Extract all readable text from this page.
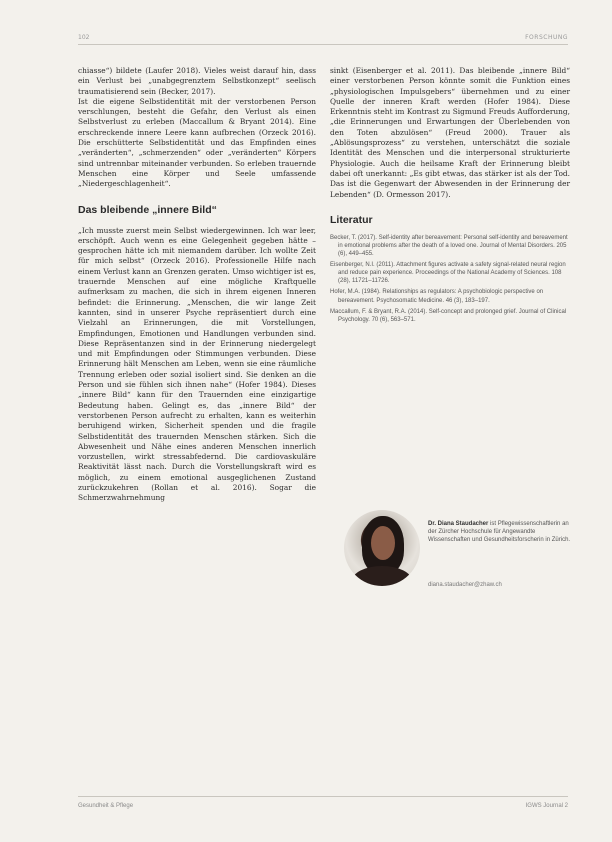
102	FORSCHUNG

chiasse“) bildete (Laufer 2018). Vieles weist darauf hin, dass ein Verlust bei „unabgegrenztem Selbstkonzept“ seelisch traumatisierend sein (Becker, 2017).

Ist die eigene Selbstidentität mit der verstorbenen Person verschlungen, besteht die Gefahr, den Verlust als einen Selbstverlust zu erleben (Maccallum & Bryant 2014). Eine erschreckende innere Leere kann aufbrechen (Orzeck 2016). Die erschütterte Selbstidentität und das Empfinden eines „veränderten“, „schmerzenden“ oder „veränderten“ Körpers sind untrennbar miteinander verbunden. So erleben trauernde Menschen eine Körper und Seele umfassende „Niedergeschlagenheit“.

Das bleibende „innere Bild“

„Ich musste zuerst mein Selbst wiedergewinnen. Ich war leer, erschöpft. Auch wenn es eine Gelegenheit gegeben hätte – gesprochen hätte ich mit niemandem darüber. Ich wollte Zeit für mich selbst“ (Orzeck 2016). Professionelle Hilfe nach einem Verlust kann an Grenzen geraten. Umso wichtiger ist es, trauernde Menschen auf eine mögliche Kraftquelle aufmerksam zu machen, die sich in ihrem eigenen Inneren befindet: die Erinnerung. „Menschen, die wir lange Zeit kannten, sind in unserer Psyche repräsentiert durch eine Vielzahl an Erinnerungen, die mit Vorstellungen, Empfindungen, Emotionen und Handlungen verbunden sind. Diese Repräsentanzen sind in der Erinnerung niedergelegt und mit Empfindungen oder Stimmungen verbunden. Diese Erinnerung hält Menschen am Leben, wenn sie eine räumliche Trennung erleben oder sozial isoliert sind. Sie denken an die Person und sie fühlen sich ihnen nahe“ (Hofer 1984). Dieses „innere Bild“ kann für den Trauernden eine einzigartige Bedeutung haben. Gelingt es, das „innere Bild“ der verstorbenen Person aufrecht zu erhalten, kann es weiterhin beruhigend wirken, Sicherheit spenden und die fragile Selbstidentität des trauernden Menschen stärken. Sich die Abwesenheit und Nähe eines anderen Menschen innerlich vorzustellen, wirkt stressabfedernd. Die cardiovaskuläre Reaktivität lässt nach. Durch die Vorstellungskraft wird es möglich, zu einem emotional ausgeglichenen Zustand zurückzukehren (Rollan et al. 2016). Sogar die Schmerzwahrnehmung

sinkt (Eisenberger et al. 2011). Das bleibende „innere Bild“ einer verstorbenen Person könnte somit die Funktion eines „physiologischen Impulsgebers“ übernehmen und zu einer Quelle der inneren Kraft werden (Hofer 1984). Diese Erkenntnis steht im Kontrast zu Sigmund Freuds Aufforderung, „die Erinnerungen und Erwartungen der Überlebenden von den Toten abzulösen“ (Freud 2000). Trauer als „Ablösungsprozess“ zu verstehen, unterschätzt die soziale Identität des Menschen und die interpersonal strukturierte Physiologie. Auch die heilsame Kraft der Erinnerung bleibt dabei oft unerkannt: „Es gibt etwas, das stärker ist als der Tod. Das ist die Gegenwart der Abwesenden in der Erinnerung der Lebenden“ (D. Ormesson 2017).

Literatur

Becker, T. (2017). Self-identity after bereavement: Personal self-identity and bereavement in emotional problems after the death of a loved one. Journal of Mental Disorders. 205 (6), 449–455.

Eisenberger, N.I. (2011). Attachment figures activate a safety signal-related neural region and reduce pain experience. Proceedings of the National Academy of Sciences. 108 (28), 11721–11726.

Hofer, M.A. (1984). Relationships as regulators: A psychobiologic perspective on bereavement. Psychosomatic Medicine. 46 (3), 183–197.

Maccallum, F. & Bryant, R.A. (2014). Self-concept and prolonged grief. Journal of Clinical Psychology. 70 (6), 563–571.

Dr. Diana Staudacher ist Pflegewissenschaftlerin an der Zürcher Hochschule für Angewandte Wissenschaften und Gesundheitsforscherin in Zürich.
diana.staudacher@zhaw.ch
Gesundheit & Pflege	IGWS Journal 2
